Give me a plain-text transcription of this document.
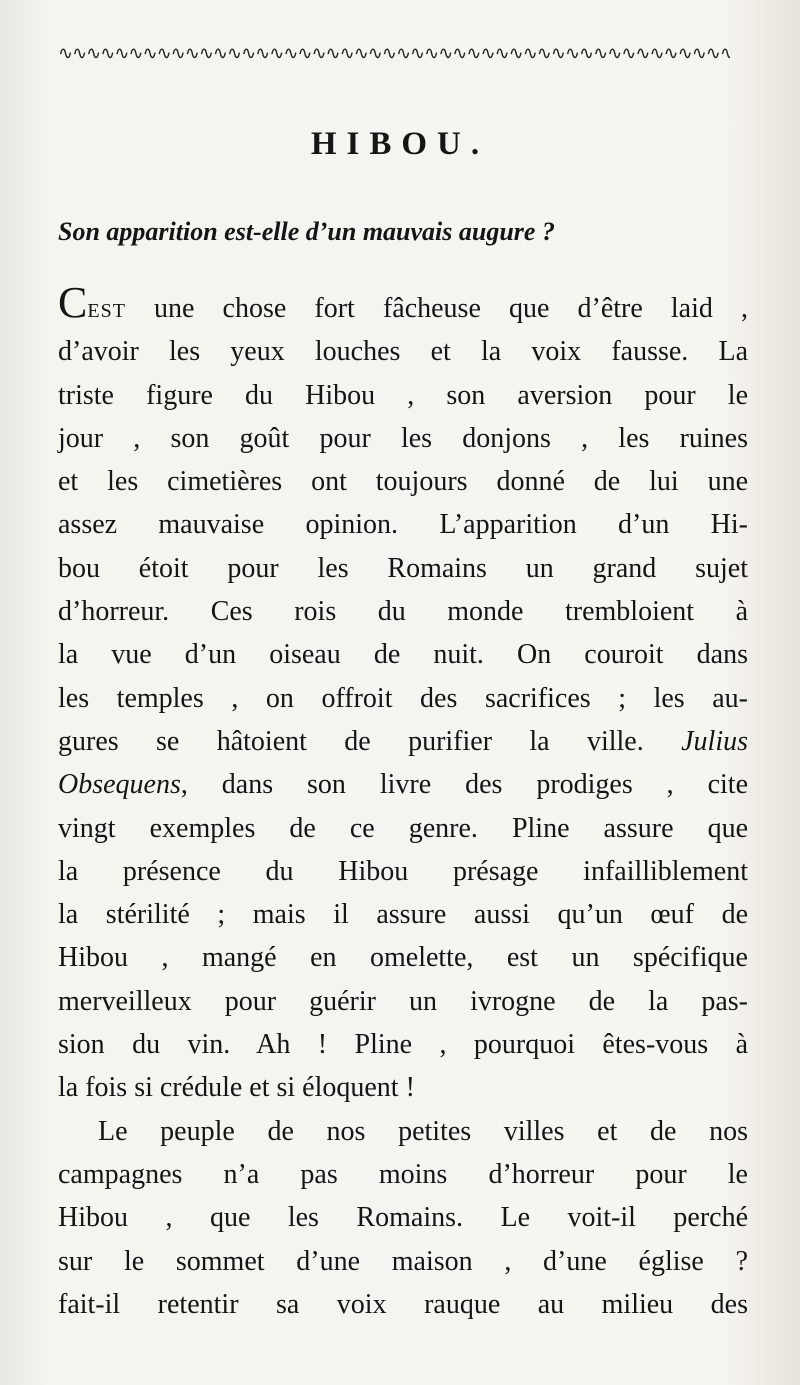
∿∿∿∿∿∿∿∿∿∿∿∿∿∿∿∿∿∿∿∿∿∿∿∿∿∿∿∿∿∿∿∿∿∿∿∿∿∿∿∿∿∿∿∿∿∿∿∿∿∿∿∿∿∿
HIBOU.
Son apparition est-elle d’un mauvais augure ?
CEST une chose fort fâcheuse que d’être laid ,
d’avoir les yeux louches et la voix fausse. La
triste figure du Hibou , son aversion pour le
jour , son goût pour les donjons , les ruines
et les cimetières ont toujours donné de lui une
assez mauvaise opinion. L’apparition d’un Hi-
bou étoit pour les Romains un grand sujet
d’horreur. Ces rois du monde trembloient à
la vue d’un oiseau de nuit. On couroit dans
les temples , on offroit des sacrifices ; les au-
gures se hâtoient de purifier la ville. Julius
Obsequens, dans son livre des prodiges , cite
vingt exemples de ce genre. Pline assure que
la présence du Hibou présage infailliblement
la stérilité ; mais il assure aussi qu’un œuf de
Hibou , mangé en omelette, est un spécifique
merveilleux pour guérir un ivrogne de la pas-
sion du vin. Ah ! Pline , pourquoi êtes-vous à
la fois si crédule et si éloquent !
Le peuple de nos petites villes et de nos
campagnes n’a pas moins d’horreur pour le
Hibou , que les Romains. Le voit-il perché
sur le sommet d’une maison , d’une église ?
fait-il retentir sa voix rauque au milieu des
